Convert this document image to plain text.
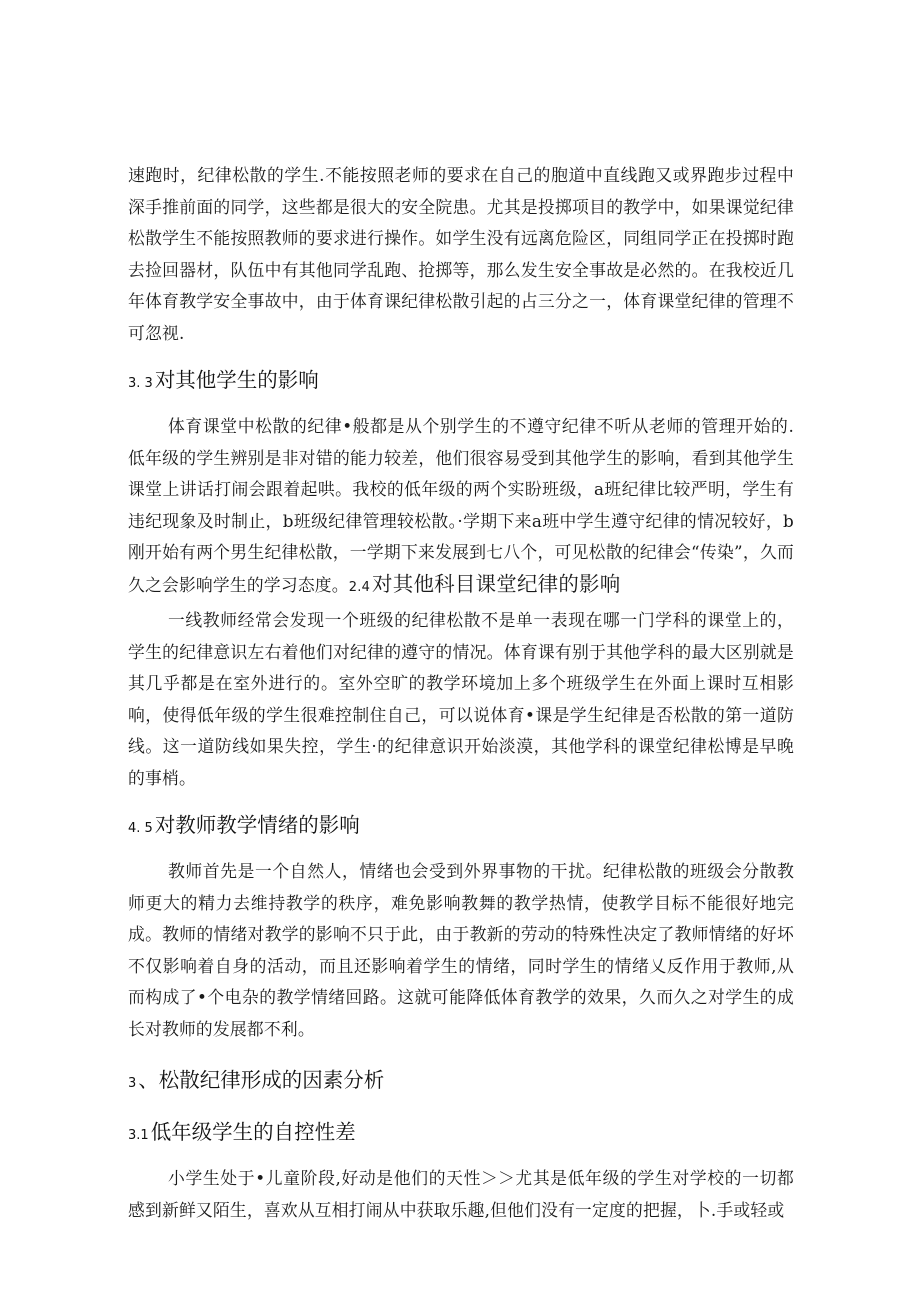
速跑时，纪律松散的学生.不能按照老师的要求在自己的胞道中直线跑又或界跑步过程中深手推前面的同学，这些都是很大的安全院患。尤其是投掷项目的教学中，如果课觉纪律松散学生不能按照教师的要求进行操作。如学生没有远离危险区，同组同学正在投掷时跑去捡回器材，队伍中有其他同学乱跑、抢掷等，那么发生安全事故是必然的。在我校近几年体育教学安全事故中，由于体育课纪律松散引起的占三分之一，体育课堂纪律的管理不可忽视.

3. 3对其他学生的影响

体育课堂中松散的纪律•般都是从个别学生的不遵守纪律不听从老师的管理开始的.低年级的学生辨别是非对错的能力较差，他们很容易受到其他学生的影响，看到其他学生课堂上讲话打闹会跟着起哄。我校的低年级的两个实盼班级，a班纪律比较严明，学生有违纪现象及时制止，b班级纪律管理较松散。·学期下来a班中学生遵守纪律的情况较好，b刚开始有两个男生纪律松散，一学期下来发展到七八个，可见松散的纪律会“传染”，久而久之会影响学生的学习态度。2.4对其他科目课堂纪律的影响

一线教师经常会发现一个班级的纪律松散不是单一表现在哪一门学科的课堂上的，学生的纪律意识左右着他们对纪律的遵守的情况。体育课有别于其他学科的最大区别就是其几乎都是在室外进行的。室外空旷的教学环境加上多个班级学生在外面上课时互相影响，使得低年级的学生很难控制住自己，可以说体育•课是学生纪律是否松散的第一道防线。这一道防线如果失控，学生·的纪律意识开始淡漠，其他学科的课堂纪律松博是早晚的事梢。

4. 5对教师教学情绪的影响

教师首先是一个自然人，情绪也会受到外界事物的干扰。纪律松散的班级会分散教师更大的精力去维持教学的秩序，难免影响教舞的教学热情，使教学目标不能很好地完成。教师的情绪对教学的影响不只于此，由于教新的劳动的特殊性决定了教师情绪的好坏不仅影响着自身的活动，而且还影响着学生的情绪，同时学生的情绪乂反作用于教师,从而构成了•个电杂的教学情绪回路。这就可能降低体育教学的效果，久而久之对学生的成长对教师的发展都不利。

3、松散纪律形成的因素分析
3.1低年级学生的自控性差

小学生处于•儿童阶段,好动是他们的天性＞＞尤其是低年级的学生对学校的一切都感到新鲜又陌生，喜欢从互相打闹从中获取乐趣,但他们没有一定度的把握，卜.手或轻或
